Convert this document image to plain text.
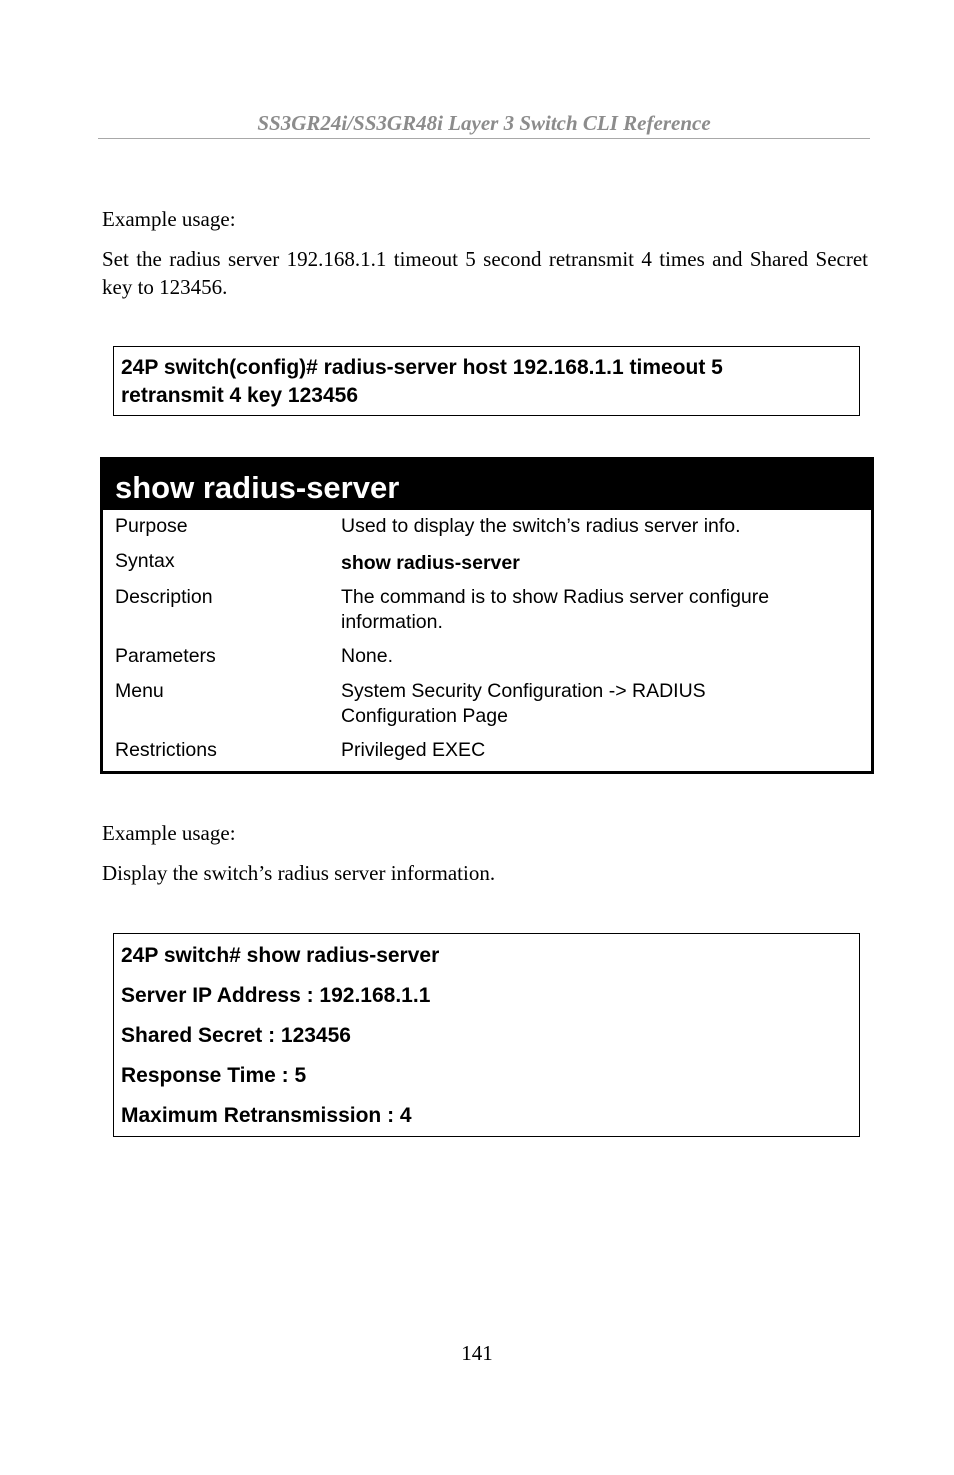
SS3GR24i/SS3GR48i Layer 3 Switch CLI Reference
Example usage:
Set the radius server 192.168.1.1 timeout 5 second retransmit 4 times and Shared Secret key to 123456.
24P switch(config)# radius-server host 192.168.1.1 timeout 5
retransmit 4 key 123456
show radius-server
Purpose	Used to display the switch’s radius server info.
Syntax	show radius-server
Description	The command is to show Radius server configure information.
Parameters	None.
Menu	System Security Configuration -> RADIUS Configuration Page
Restrictions	Privileged EXEC
Example usage:
Display the switch’s radius server information.
24P switch# show radius-server
Server IP Address : 192.168.1.1
Shared Secret : 123456
Response Time : 5
Maximum Retransmission : 4
141
